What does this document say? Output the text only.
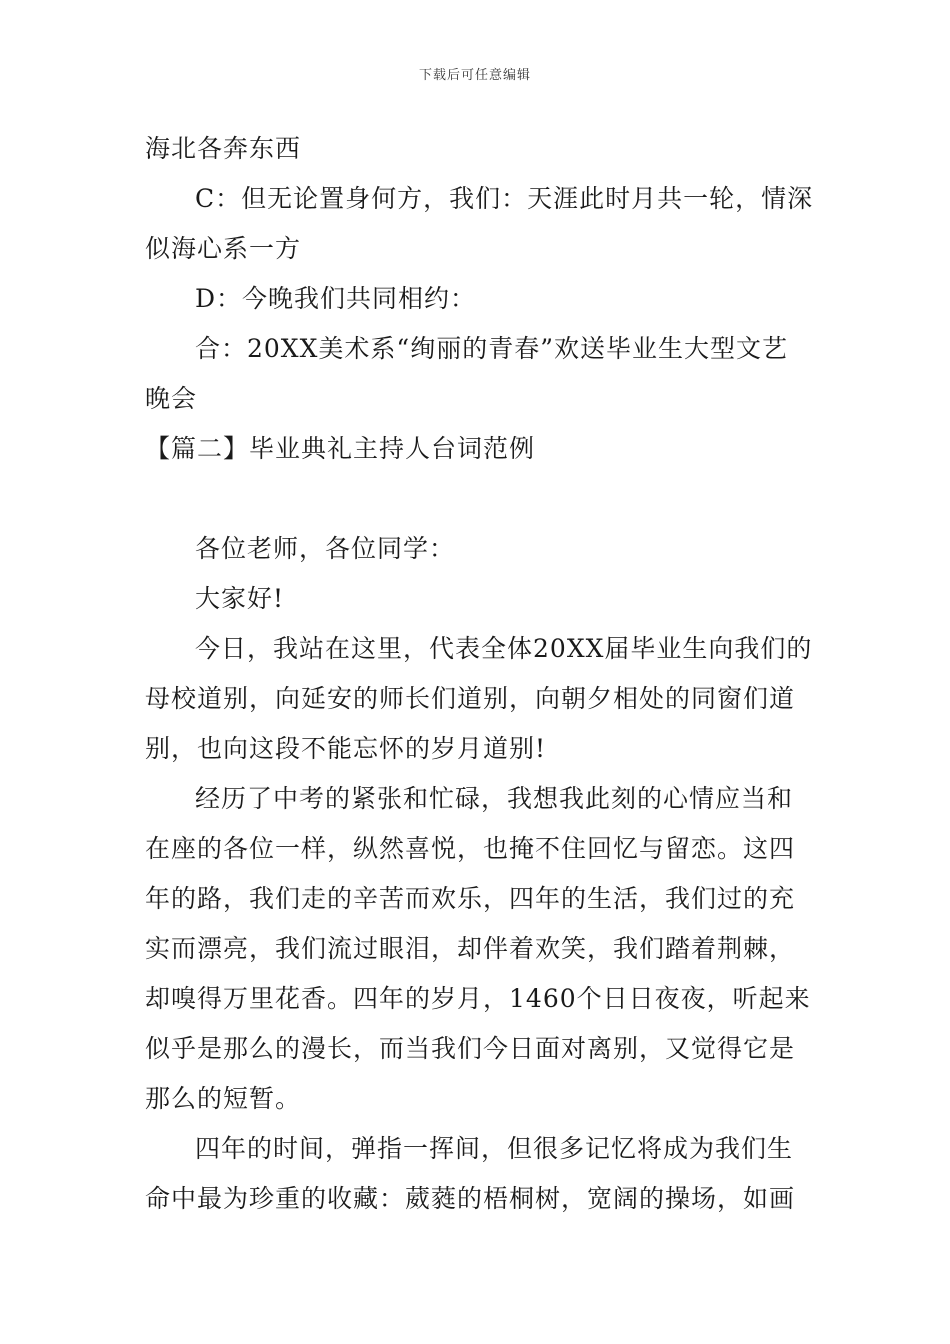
下载后可任意编辑
海北各奔东西
C：但无论置身何方，我们：天涯此时月共一轮，情深
似海心系一方
D：今晚我们共同相约：
合：20XX美术系“绚丽的青春”欢送毕业生大型文艺
晚会
【篇二】毕业典礼主持人台词范例
各位老师，各位同学：
大家好!
今日，我站在这里，代表全体20XX届毕业生向我们的
母校道别，向延安的师长们道别，向朝夕相处的同窗们道
别，也向这段不能忘怀的岁月道别!
经历了中考的紧张和忙碌，我想我此刻的心情应当和
在座的各位一样，纵然喜悦，也掩不住回忆与留恋。这四
年的路，我们走的辛苦而欢乐，四年的生活，我们过的充
实而漂亮，我们流过眼泪，却伴着欢笑，我们踏着荆棘，
却嗅得万里花香。四年的岁月，1460个日日夜夜，听起来
似乎是那么的漫长，而当我们今日面对离别，又觉得它是
那么的短暂。
四年的时间，弹指一挥间，但很多记忆将成为我们生
命中最为珍重的收藏：葳蕤的梧桐树，宽阔的操场，如画
